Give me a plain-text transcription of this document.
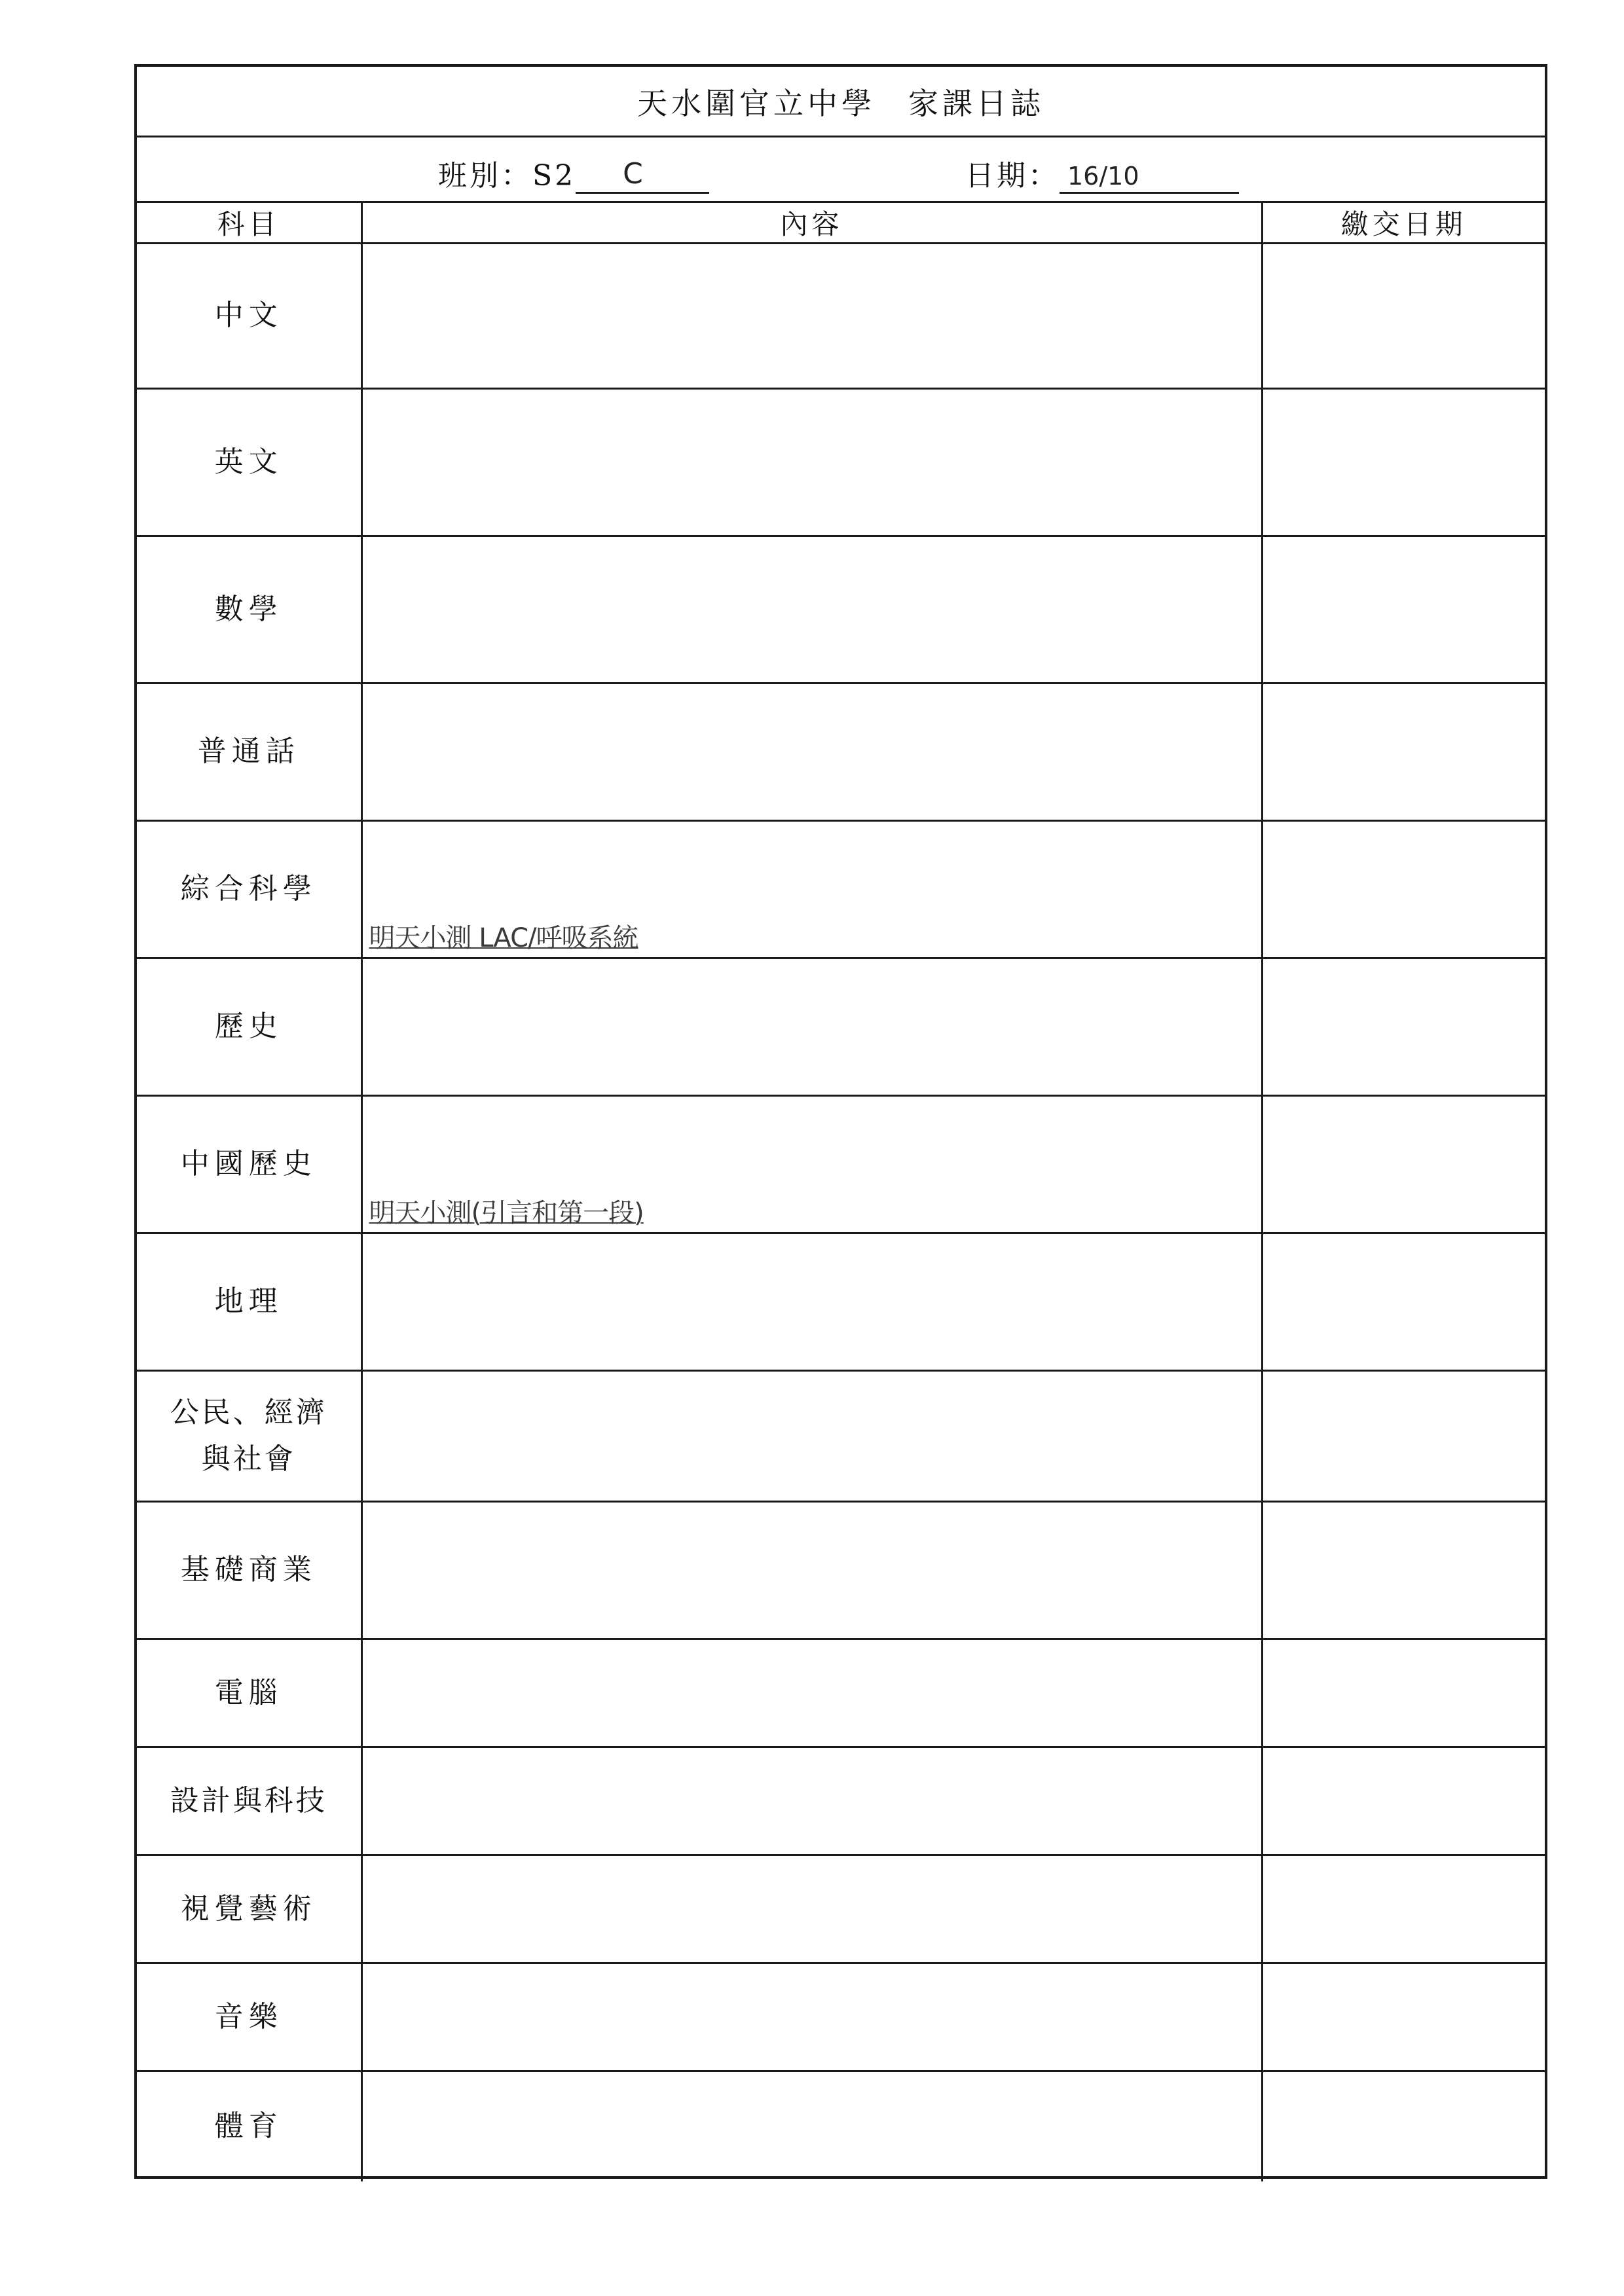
天水圍官立中學 家課日誌
班別：S2	C	日期： 16/10
科目	內容	繳交日期
中文	

英文	

數學	

普通話	

綜合科學	明天小測 LAC/呼吸系統	

歷史	

中國歷史	明天小測(引言和第一段)	

地理	

公民、經濟
與社會	

基礎商業	

電腦	

設計與科技	

視覺藝術	

音樂	

體育	
